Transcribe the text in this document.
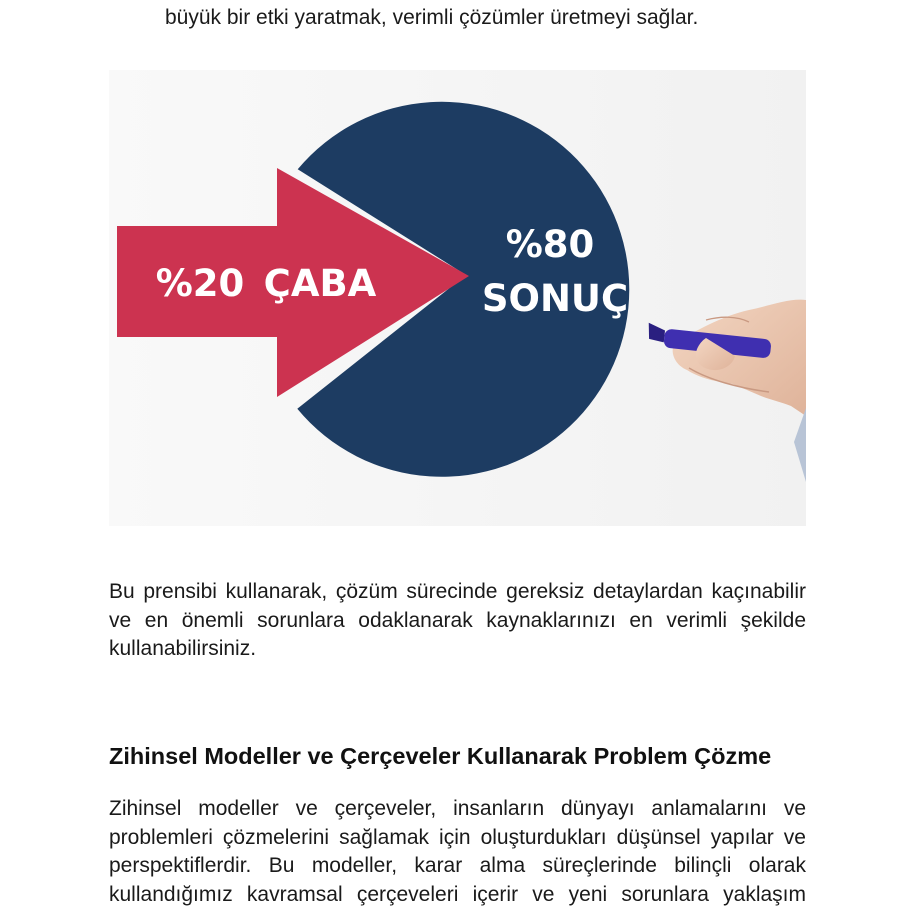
büyük bir etki yaratmak, verimli çözümler üretmeyi sağlar.
%20 ÇABA
%80
SONUÇ
Bu prensibi kullanarak, çözüm sürecinde gereksiz detaylardan kaçınabilir
ve en önemli sorunlara odaklanarak kaynaklarınızı en verimli şekilde
kullanabilirsiniz.
Zihinsel Modeller ve Çerçeveler Kullanarak Problem Çözme
Zihinsel modeller ve çerçeveler, insanların dünyayı anlamalarını ve
problemleri çözmelerini sağlamak için oluşturdukları düşünsel yapılar ve
perspektiflerdir. Bu modeller, karar alma süreçlerinde bilinçli olarak
kullandığımız kavramsal çerçeveleri içerir ve yeni sorunlara yaklaşım
